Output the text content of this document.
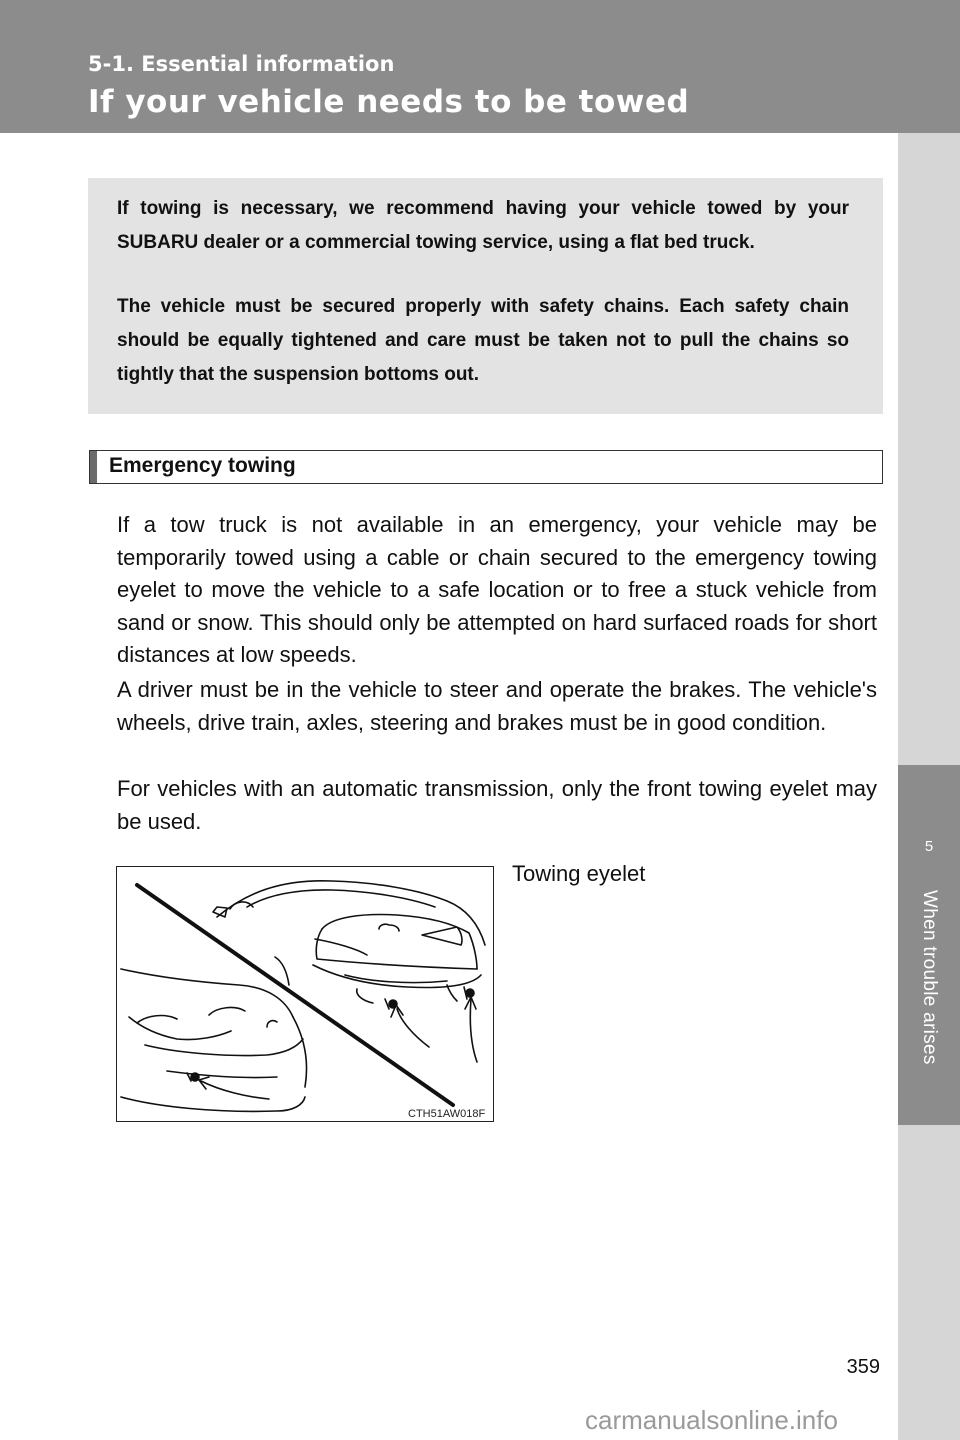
5-1. Essential information
If your vehicle needs to be towed
5
When trouble arises

If towing is necessary, we recommend having your vehicle towed by your SUBARU dealer or a commercial towing service, using a flat bed truck.

The vehicle must be secured properly with safety chains. Each safety chain should be equally tightened and care must be taken not to pull the chains so tightly that the suspension bottoms out.

Emergency towing

If a tow truck is not available in an emergency, your vehicle may be temporarily towed using a cable or chain secured to the emergency towing eyelet to move the vehicle to a safe location or to free a stuck vehicle from sand or snow. This should only be attempted on hard surfaced roads for short distances at low speeds.

A driver must be in the vehicle to steer and operate the brakes. The vehicle's wheels, drive train, axles, steering and brakes must be in good condition.

For vehicles with an automatic transmission, only the front towing eyelet may be used.

CTH51AW018F
Towing eyelet
359
carmanualsonline.info
